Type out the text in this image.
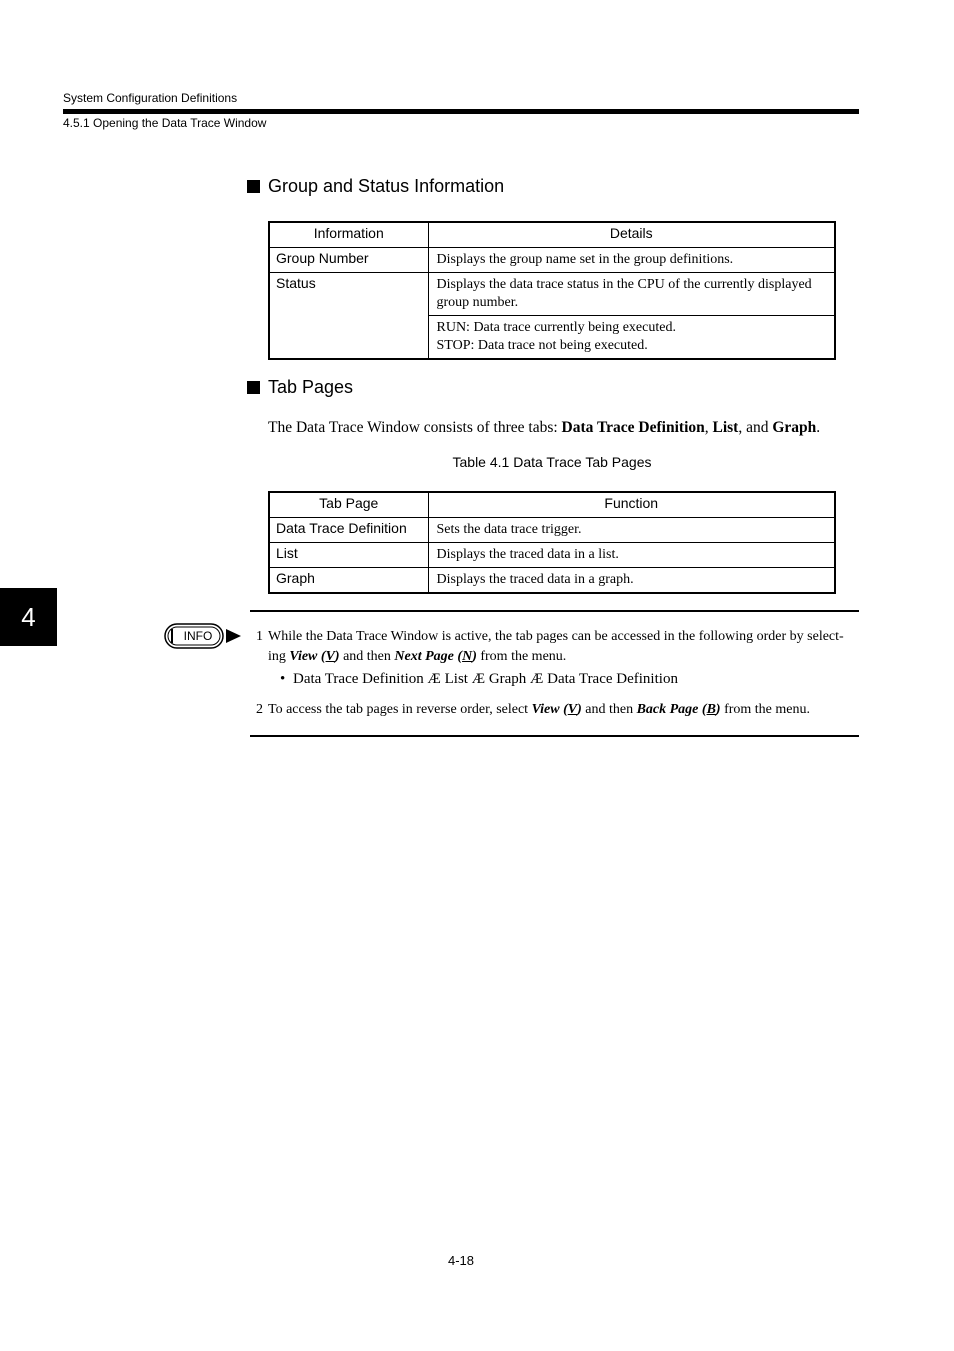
System Configuration Definitions
4.5.1 Opening the Data Trace Window
Group and Status Information
Information	Details
Group Number	Displays the group name set in the group definitions.
Status	Displays the data trace status in the CPU of the currently displayed group number.

	RUN: Data trace currently being executed.
STOP: Data trace not being executed.
Tab Pages
The Data Trace Window consists of three tabs: Data Trace Definition, List, and Graph.
Table 4.1 Data Trace Tab Pages
Tab Page	Function
Data Trace Definition	Sets the data trace trigger.
List	Displays the traced data in a list.
Graph	Displays the traced data in a graph.
4
INFO	1 While the Data Trace Window is active, the tab pages can be accessed in the following order by select-
ing View (V) and then Next Page (N) from the menu.
• Data Trace Definition Æ List Æ Graph Æ Data Trace Definition
2 To access the tab pages in reverse order, select View (V) and then Back Page (B) from the menu.
4-18
